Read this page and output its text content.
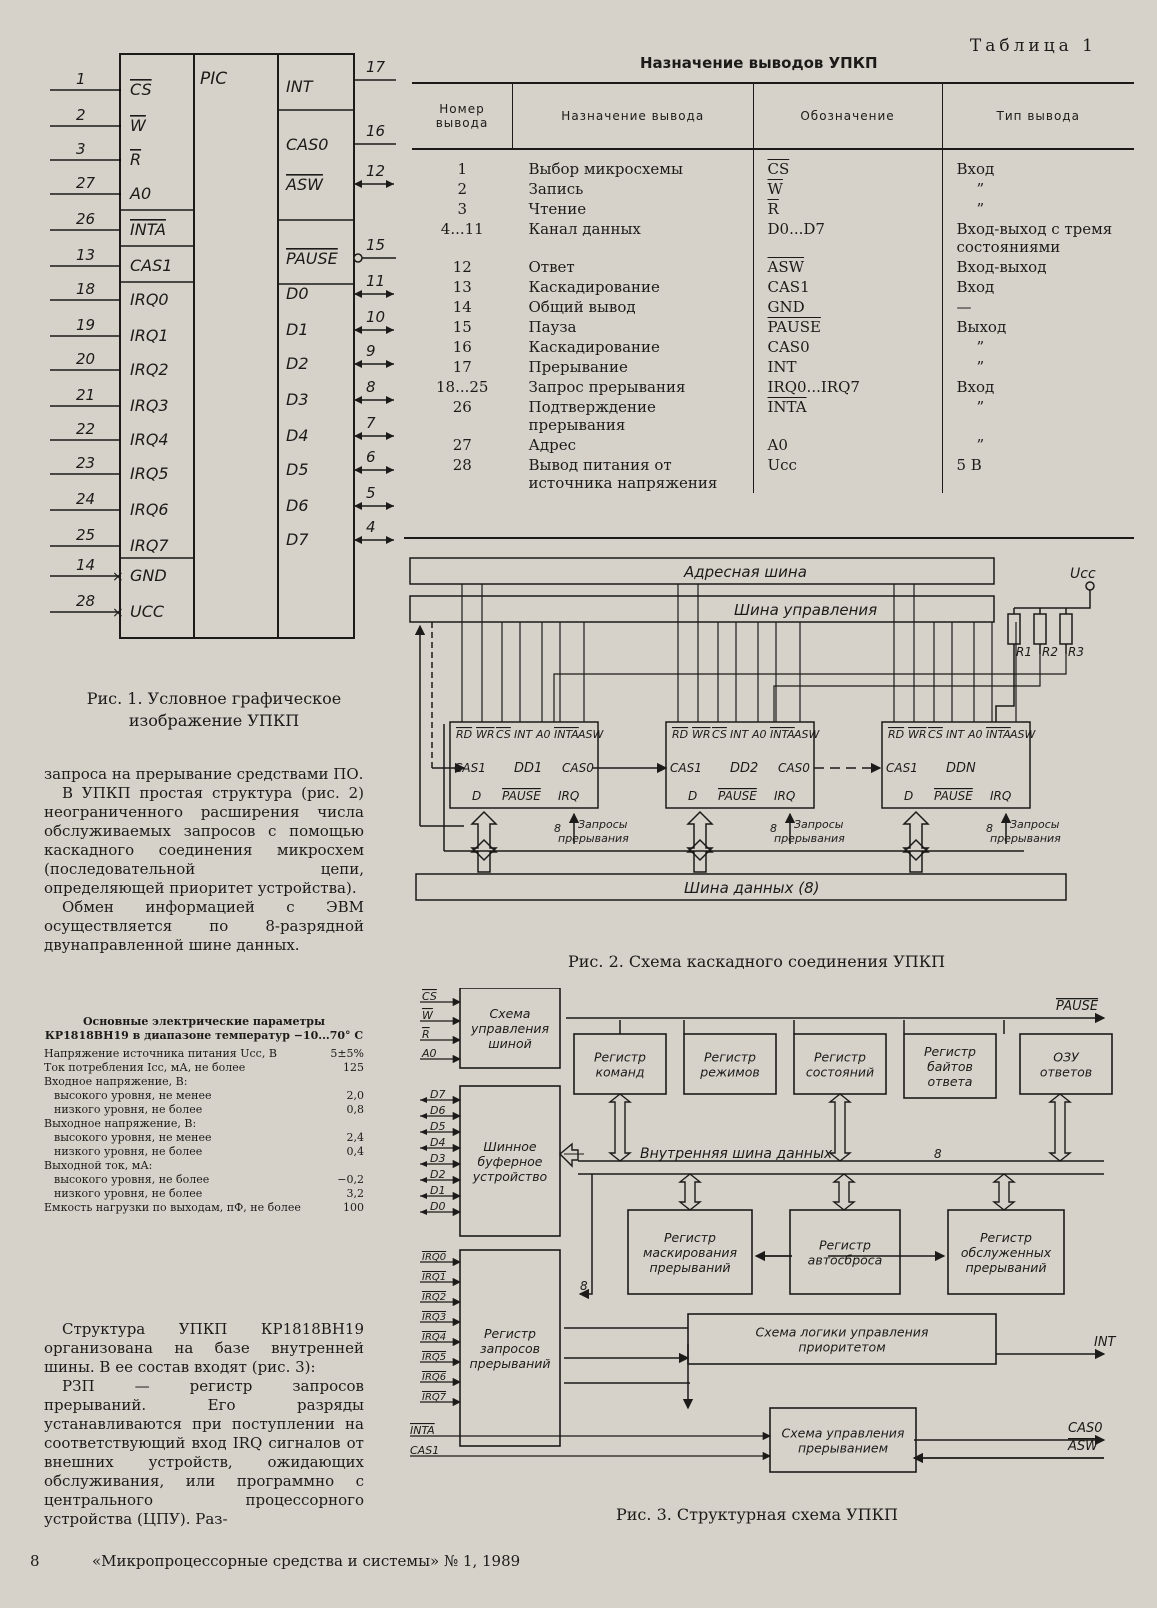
Таблица 1
Назначение выводов УПКП
Номер вывода	Назначение вывода	Обозначение	Тип вывода
1	Выбор микросхемы	$\overline{CS}$	Вход
2	Запись	$\overline{W}$	”
3	Чтение	$\overline{R}$	”
4...11	Канал данных	D0...D7	Вход-выход с тремя состояниями
12	Ответ	$\overline{ASW}$	Вход-выход
13	Каскадирование	CAS1	Вход
14	Общий вывод	GND	—
15	Пауза	PAUSE	Выход
16	Каскадирование	CAS0	”
17	Прерывание	INT	”
18...25	Запрос прерывания	IRQ0...IRQ7	Вход
26	Подтверждение прерывания	INTA	”
27	Адрес	A0	”
28	Вывод питания от источника напряжения	Ucc	5 В
PIC
1
CS
2
W
3
R
27
A0
26
INTA
13
CAS1
18
IRQ0
19
IRQ1
20
IRQ2
21
IRQ3
22
IRQ4
23
IRQ5
24
IRQ6
25
IRQ7
14
GND
×
28
UCC
×
17
INT
16
CAS0
12
ASW
15
PAUSE
11
D0
10
D1
9
D2
8
D3
7
D4
6
D5
5
D6
4
D7
Рис. 1. Условное графическое изображение УПКП

запроса на прерывание средствами ПО.

В УПКП простая структура (рис. 2) неограниченного расширения числа обслуживаемых запросов с помощью каскадного соединения микросхем (последовательной цепи, определяющей приоритет устройства).

Обмен информацией с ЭВМ осуществляется по 8-разрядной двунаправленной шине данных.

Основные электрические параметры КР1818ВН19 в диапазоне температур −10...70° С
Напряжение источника питания Ucc, В	5±5%
Ток потребления Icc, мА, не более	125
Входное напряжение, В:
высокого уровня, не менее	2,0
низкого уровня, не более	0,8
Выходное напряжение, В:
высокого уровня, не менее	2,4
низкого уровня, не более	0,4
Выходной ток, мА:
высокого уровня, не более	−0,2
низкого уровня, не более	3,2
Емкость нагрузки по выходам, пФ, не более	100

Структура УПКП КР1818ВН19 организована на базе внутренней шины. В ее состав входят (рис. 3):

РЗП — регистр запросов прерываний. Его разряды устанавливаются при поступлении на соответствующий вход IRQ сигналов от внешних устройств, ожидающих обслуживания, или программно с центрального процессорного устройства (ЦПУ). Раз-

Адресная шина
Шина управления
Шина данных (8)
Ucc
R1 R2 R3
RD WR CS INT A0 INTA ASW
CAS1 DD1 CAS0
D PAUSE IRQ
8 Запросы
прерывания
RD WR CS INT A0 INTA ASW
CAS1 DD2 CAS0
D PAUSE IRQ
8 Запросы
прерывания
RD WR CS INT A0 INTA ASW
CAS1 DDN
D PAUSE IRQ
8 Запросы
прерывания
Рис. 2. Схема каскадного соединения УПКП
Схема
управления
шиной
Регистр
команд
Регистр
режимов
Регистр
состояний
Регистр
байтов
ответа
ОЗУ
ответов
Шинное
буферное
устройство
Регистр
маскирования
прерываний
Регистр
автосброса
Регистр
обслуженных
прерываний
Регистр
запросов
прерываний
Схема логики управления
приоритетом
Схема управления
прерыванием
CS
W
R
A0
D7
D6
D5
D4
D3
D2
D1
D0
IRQ0
IRQ1
IRQ2
IRQ3
IRQ4
IRQ5
IRQ6
IRQ7
PAUSE
Внутренняя шина данных	8
INT
CAS0
ASW
INTA
CAS1
8
Рис. 3. Структурная схема УПКП
8	«Микропроцессорные средства и системы» № 1, 1989
